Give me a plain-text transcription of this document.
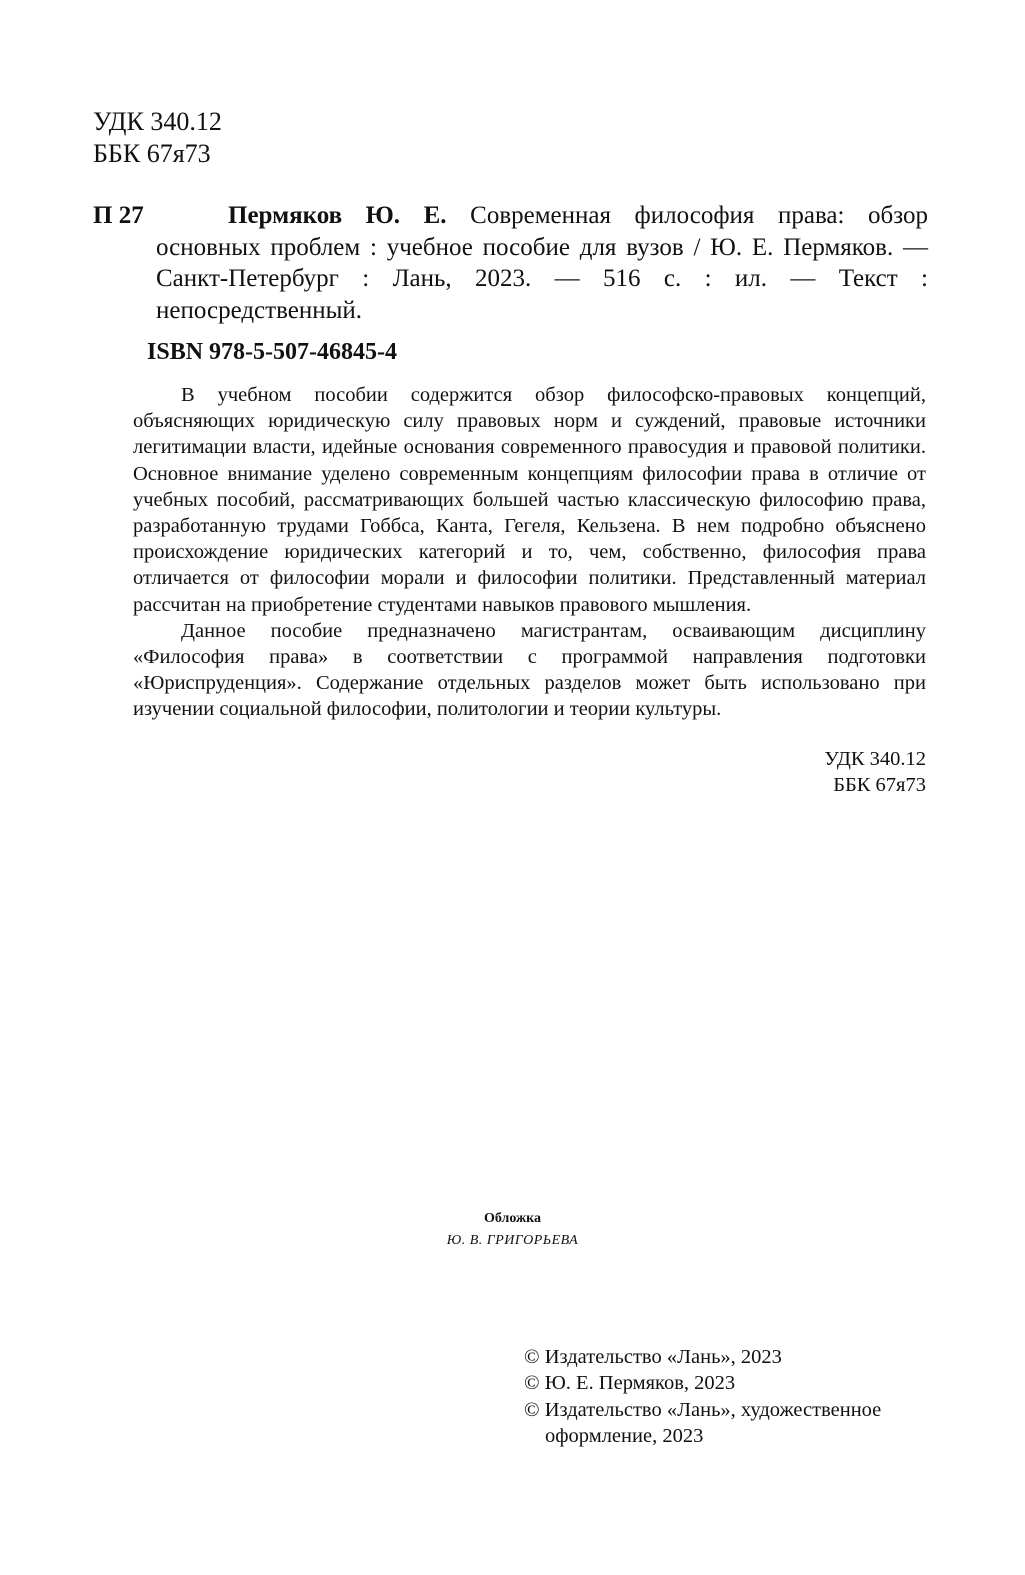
УДК 340.12
ББК 67я73
П 27	Пермяков Ю. Е. Современная философия права: обзор основных проблем : учебное пособие для вузов / Ю. Е. Пермяков. — Санкт-Петербург : Лань, 2023. — 516 с. : ил. — Текст : непосредственный.
ISBN 978-5-507-46845-4

В учебном пособии содержится обзор философско-правовых концепций, объясняющих юридическую силу правовых норм и суждений, правовые источники легитимации власти, идейные основания современного правосудия и правовой политики. Основное внимание уделено современным концепциям философии права в отличие от учебных пособий, рассматривающих большей частью классическую философию права, разработанную трудами Гоббса, Канта, Гегеля, Кельзена. В нем подробно объяснено происхождение юридических категорий и то, чем, собственно, философия права отличается от философии морали и философии политики. Представленный материал рассчитан на приобретение студентами навыков правового мышления.

Данное пособие предназначено магистрантам, осваивающим дисциплину «Философия права» в соответствии с программой направления подготовки «Юриспруденция». Содержание отдельных разделов может быть использовано при изучении социальной философии, политологии и теории культуры.

УДК 340.12
ББК 67я73
Обложка
Ю. В. ГРИГОРЬЕВА
© Издательство «Лань», 2023
© Ю. Е. Пермяков, 2023
© Издательство «Лань», художественное
оформление, 2023
